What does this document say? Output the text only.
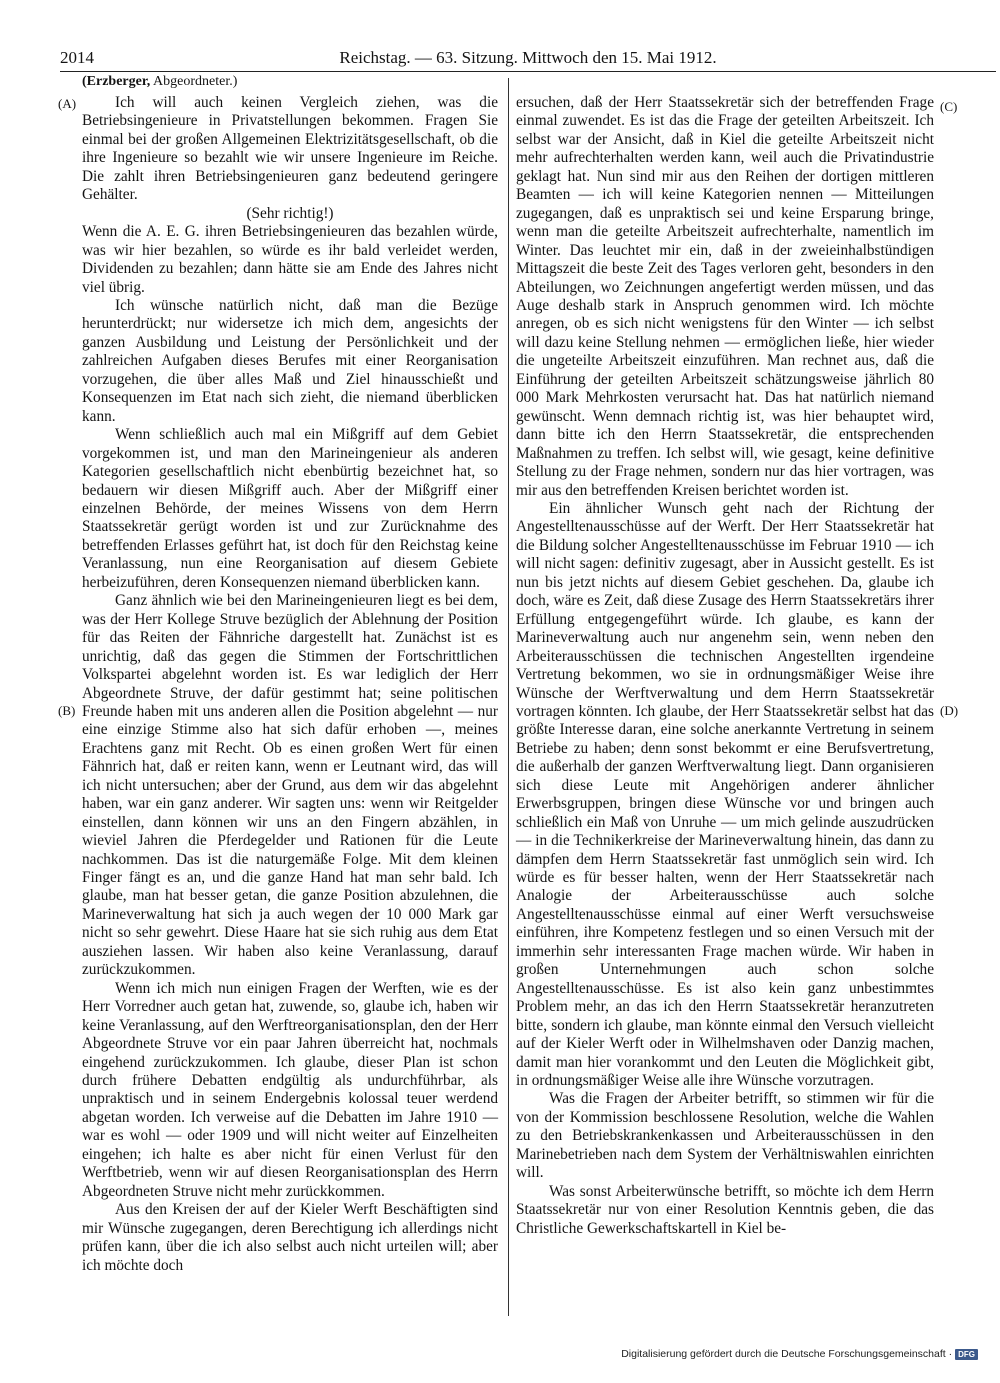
2014	Reichstag. — 63. Sitzung. Mittwoch den 15. Mai 1912.
(Erzberger, Abgeordneter.)
(A)
(B)
(C)
(D)

Ich will auch keinen Vergleich ziehen, was die Betriebsingenieure in Privatstellungen bekommen. Fragen Sie einmal bei der großen Allgemeinen Elektrizitätsgesellschaft, ob die ihre Ingenieure so bezahlt wie wir unsere Ingenieure im Reiche. Die zahlt ihren Betriebsingenieuren ganz bedeutend geringere Gehälter.

(Sehr richtig!)

Wenn die A. E. G. ihren Betriebsingenieuren das bezahlen würde, was wir hier bezahlen, so würde es ihr bald verleidet werden, Dividenden zu bezahlen; dann hätte sie am Ende des Jahres nicht viel übrig.

Ich wünsche natürlich nicht, daß man die Bezüge herunterdrückt; nur widersetze ich mich dem, angesichts der ganzen Ausbildung und Leistung der Persönlichkeit und der zahlreichen Aufgaben dieses Berufes mit einer Reorganisation vorzugehen, die über alles Maß und Ziel hinausschießt und Konsequenzen im Etat nach sich zieht, die niemand überblicken kann.

Wenn schließlich auch mal ein Mißgriff auf dem Gebiet vorgekommen ist, und man den Marineingenieur als anderen Kategorien gesellschaftlich nicht ebenbürtig bezeichnet hat, so bedauern wir diesen Mißgriff auch. Aber der Mißgriff einer einzelnen Behörde, der meines Wissens von dem Herrn Staatssekretär gerügt worden ist und zur Zurücknahme des betreffenden Erlasses geführt hat, ist doch für den Reichstag keine Veranlassung, nun eine Reorganisation auf diesem Gebiete herbeizuführen, deren Konsequenzen niemand überblicken kann.

Ganz ähnlich wie bei den Marineingenieuren liegt es bei dem, was der Herr Kollege Struve bezüglich der Ablehnung der Position für das Reiten der Fähnriche dargestellt hat. Zunächst ist es unrichtig, daß das gegen die Stimmen der Fortschrittlichen Volkspartei abgelehnt worden ist. Es war lediglich der Herr Abgeordnete Struve, der dafür gestimmt hat; seine politischen Freunde haben mit uns anderen allen die Position abgelehnt — nur eine einzige Stimme also hat sich dafür erhoben —, meines Erachtens ganz mit Recht. Ob es einen großen Wert für einen Fähnrich hat, daß er reiten kann, wenn er Leutnant wird, das will ich nicht untersuchen; aber der Grund, aus dem wir das abgelehnt haben, war ein ganz anderer. Wir sagten uns: wenn wir Reitgelder einstellen, dann können wir uns an den Fingern abzählen, in wieviel Jahren die Pferdegelder und Rationen für die Leute nachkommen. Das ist die naturgemäße Folge. Mit dem kleinen Finger fängt es an, und die ganze Hand hat man sehr bald. Ich glaube, man hat besser getan, die ganze Position abzulehnen, die Marineverwaltung hat sich ja auch wegen der 10 000 Mark gar nicht so sehr gewehrt. Diese Haare hat sie sich ruhig aus dem Etat ausziehen lassen. Wir haben also keine Veranlassung, darauf zurückzukommen.

Wenn ich mich nun einigen Fragen der Werften, wie es der Herr Vorredner auch getan hat, zuwende, so, glaube ich, haben wir keine Veranlassung, auf den Werftreorganisationsplan, den der Herr Abgeordnete Struve vor ein paar Jahren überreicht hat, nochmals eingehend zurückzukommen. Ich glaube, dieser Plan ist schon durch frühere Debatten endgültig als undurchführbar, als unpraktisch und in seinem Endergebnis kolossal teuer werdend abgetan worden. Ich verweise auf die Debatten im Jahre 1910 — war es wohl — oder 1909 und will nicht weiter auf Einzelheiten eingehen; ich halte es aber nicht für einen Verlust für den Werftbetrieb, wenn wir auf diesen Reorganisationsplan des Herrn Abgeordneten Struve nicht mehr zurückkommen.

Aus den Kreisen der auf der Kieler Werft Beschäftigten sind mir Wünsche zugegangen, deren Berechtigung ich allerdings nicht prüfen kann, über die ich also selbst auch nicht urteilen will; aber ich möchte doch

ersuchen, daß der Herr Staatssekretär sich der betreffenden Frage einmal zuwendet. Es ist das die Frage der geteilten Arbeitszeit. Ich selbst war der Ansicht, daß in Kiel die geteilte Arbeitszeit nicht mehr aufrechterhalten werden kann, weil auch die Privatindustrie geklagt hat. Nun sind mir aus den Reihen der dortigen mittleren Beamten — ich will keine Kategorien nennen — Mitteilungen zugegangen, daß es unpraktisch sei und keine Ersparung bringe, wenn man die geteilte Arbeitszeit aufrechterhalte, namentlich im Winter. Das leuchtet mir ein, daß in der zweieinhalbstündigen Mittagszeit die beste Zeit des Tages verloren geht, besonders in den Abteilungen, wo Zeichnungen angefertigt werden müssen, und das Auge deshalb stark in Anspruch genommen wird. Ich möchte anregen, ob es sich nicht wenigstens für den Winter — ich selbst will dazu keine Stellung nehmen — ermöglichen ließe, hier wieder die ungeteilte Arbeitszeit einzuführen. Man rechnet aus, daß die Einführung der geteilten Arbeitszeit schätzungsweise jährlich 80 000 Mark Mehrkosten verursacht hat. Das hat natürlich niemand gewünscht. Wenn demnach richtig ist, was hier behauptet wird, dann bitte ich den Herrn Staatssekretär, die entsprechenden Maßnahmen zu treffen. Ich selbst will, wie gesagt, keine definitive Stellung zu der Frage nehmen, sondern nur das hier vortragen, was mir aus den betreffenden Kreisen berichtet worden ist.

Ein ähnlicher Wunsch geht nach der Richtung der Angestelltenausschüsse auf der Werft. Der Herr Staatssekretär hat die Bildung solcher Angestelltenausschüsse im Februar 1910 — ich will nicht sagen: definitiv zugesagt, aber in Aussicht gestellt. Es ist nun bis jetzt nichts auf diesem Gebiet geschehen. Da, glaube ich doch, wäre es Zeit, daß diese Zusage des Herrn Staatssekretärs ihrer Erfüllung entgegengeführt würde. Ich glaube, es kann der Marineverwaltung auch nur angenehm sein, wenn neben den Arbeiterausschüssen die technischen Angestellten irgendeine Vertretung bekommen, wo sie in ordnungsmäßiger Weise ihre Wünsche der Werftverwaltung und dem Herrn Staatssekretär vortragen könnten. Ich glaube, der Herr Staatssekretär selbst hat das größte Interesse daran, eine solche anerkannte Vertretung in seinem Betriebe zu haben; denn sonst bekommt er eine Berufsvertretung, die außerhalb der ganzen Werftverwaltung liegt. Dann organisieren sich diese Leute mit Angehörigen anderer ähnlicher Erwerbsgruppen, bringen diese Wünsche vor und bringen auch schließlich ein Maß von Unruhe — um mich gelinde auszudrücken — in die Technikerkreise der Marineverwaltung hinein, das dann zu dämpfen dem Herrn Staatssekretär fast unmöglich sein wird. Ich würde es für besser halten, wenn der Herr Staatssekretär nach Analogie der Arbeiterausschüsse auch solche Angestelltenausschüsse einmal auf einer Werft versuchsweise einführen, ihre Kompetenz festlegen und so einen Versuch mit der immerhin sehr interessanten Frage machen würde. Wir haben in großen Unternehmungen auch schon solche Angestelltenausschüsse. Es ist also kein ganz unbestimmtes Problem mehr, an das ich den Herrn Staatssekretär heranzutreten bitte, sondern ich glaube, man könnte einmal den Versuch vielleicht auf der Kieler Werft oder in Wilhelmshaven oder Danzig machen, damit man hier vorankommt und den Leuten die Möglichkeit gibt, in ordnungsmäßiger Weise alle ihre Wünsche vorzutragen.

Was die Fragen der Arbeiter betrifft, so stimmen wir für die von der Kommission beschlossene Resolution, welche die Wahlen zu den Betriebskrankenkassen und Arbeiterausschüssen in den Marinebetrieben nach dem System der Verhältniswahlen einrichten will.

Was sonst Arbeiterwünsche betrifft, so möchte ich dem Herrn Staatssekretär nur von einer Resolution Kenntnis geben, die das Christliche Gewerkschaftskartell in Kiel be-

Digitalisierung gefördert durch die Deutsche Forschungsgemeinschaft · DFG
